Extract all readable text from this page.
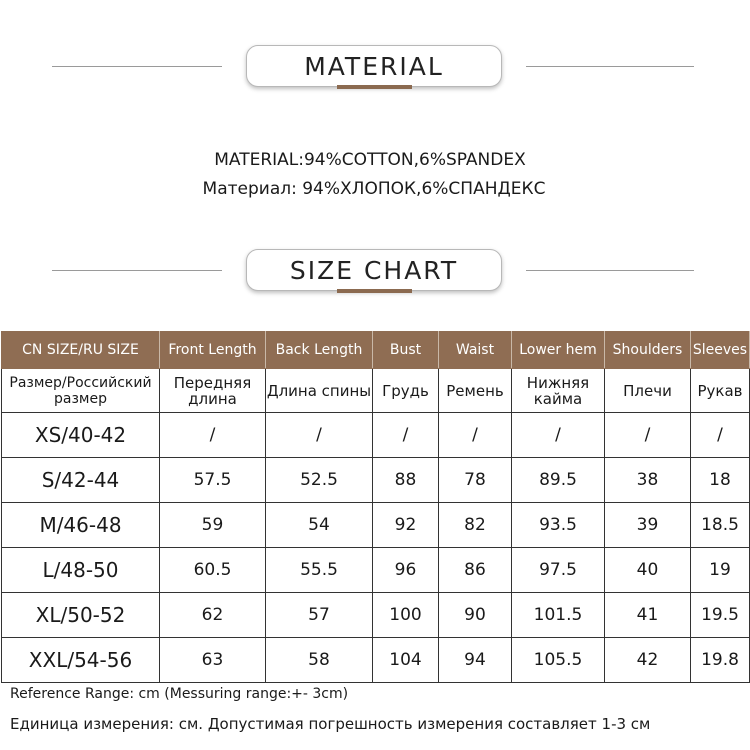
MATERIAL
MATERIAL:94%COTTON,6%SPANDEX
Материал: 94%ХЛОПОК,6%СПАНДЕКС
SIZE CHART
CN SIZE/RU SIZE	Front Length	Back Length	Bust	Waist	Lower hem	Shoulders	Sleeves
Размер/Российский размер	Передняя длина	Длина спины	Грудь	Ремень	Нижняя кайма	Плечи	Рукав
XS/40-42	/	/	/	/	/	/	/
S/42-44	57.5	52.5	88	78	89.5	38	18
M/46-48	59	54	92	82	93.5	39	18.5
L/48-50	60.5	55.5	96	86	97.5	40	19
XL/50-52	62	57	100	90	101.5	41	19.5
XXL/54-56	63	58	104	94	105.5	42	19.8
Reference Range: cm (Messuring range:+- 3cm)
Единица измерения: см. Допустимая погрешность измерения составляет 1-3 см
